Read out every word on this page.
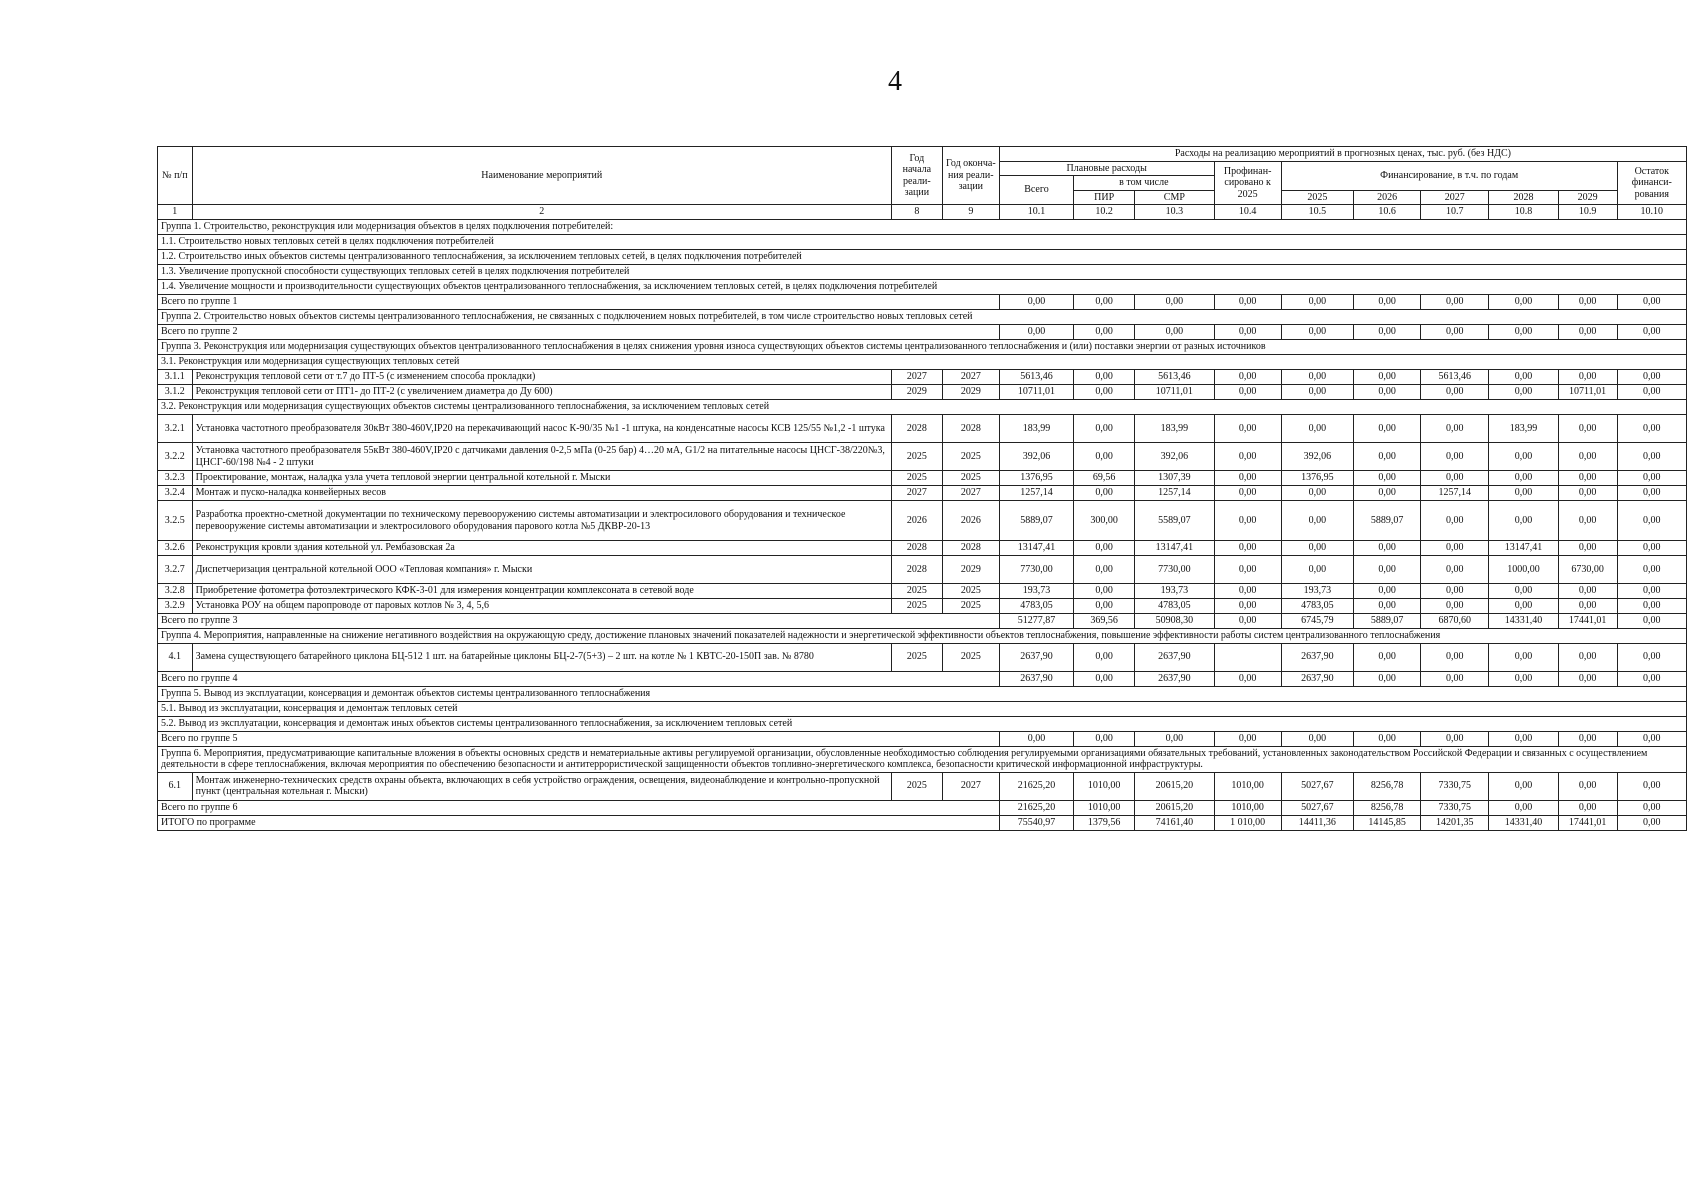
4
№ п/п	Наименование мероприятий	Год начала реали-зации	Год оконча-ния реали-зации	Расходы на реализацию мероприятий в прогнозных ценах, тыс. руб. (без НДС)									
				Плановые расходы			Профинан-сировано к 2025	Финансирование, в т.ч. по годам					Остаток финанси-рования
				Всего	в том числе								
					ПИР	СМР		2025	2026	2027	2028	2029	
1	2	8	9	10.1	10.2	10.3	10.4	10.5	10.6	10.7	10.8	10.9	10.10
Группа 1. Строительство, реконструкция или модернизация объектов в целях подключения потребителей:													
1.1. Строительство новых тепловых сетей в целях подключения потребителей													
1.2. Строительство иных объектов системы централизованного теплоснабжения, за исключением тепловых сетей, в целях подключения потребителей													
1.3. Увеличение пропускной способности существующих тепловых сетей в целях подключения потребителей													
1.4. Увеличение мощности и производительности существующих объектов централизованного теплоснабжения, за исключением тепловых сетей, в целях подключения потребителей													
Всего по группе 1				0,00	0,00	0,00	0,00	0,00	0,00	0,00	0,00	0,00	0,00
Группа 2. Строительство новых объектов системы централизованного теплоснабжения, не связанных с подключением новых потребителей, в том числе строительство новых тепловых сетей													
Всего по группе 2				0,00	0,00	0,00	0,00	0,00	0,00	0,00	0,00	0,00	0,00
Группа 3. Реконструкция или модернизация существующих объектов централизованного теплоснабжения в целях снижения уровня износа существующих объектов системы централизованного теплоснабжения и (или) поставки энергии от разных источников													
3.1. Реконструкция или модернизация существующих тепловых сетей													
3.1.1	Реконструкция тепловой сети от т.7 до ПТ-5 (с изменением способа прокладки)	2027	2027	5613,46	0,00	5613,46	0,00	0,00	0,00	5613,46	0,00	0,00	0,00
3.1.2	Реконструкция тепловой сети от ПТ1- до ПТ-2 (с увеличением диаметра до Ду 600)	2029	2029	10711,01	0,00	10711,01	0,00	0,00	0,00	0,00	0,00	10711,01	0,00
3.2. Реконструкция или модернизация существующих объектов системы централизованного теплоснабжения, за исключением тепловых сетей													
3.2.1	Установка частотного преобразователя 30кВт 380-460V,IP20 на перекачивающий насос К-90/35 №1 -1 штука, на конденсатные насосы КСВ 125/55 №1,2 -1 штука	2028	2028	183,99	0,00	183,99	0,00	0,00	0,00	0,00	183,99	0,00	0,00
3.2.2	Установка частотного преобразователя 55кВт 380-460V,IP20 с датчиками давления 0-2,5 мПа (0-25 бар) 4…20 мА, G1/2 на питательные насосы ЦНСГ-38/220№3, ЦНСГ-60/198 №4 - 2 штуки	2025	2025	392,06	0,00	392,06	0,00	392,06	0,00	0,00	0,00	0,00	0,00
3.2.3	Проектирование, монтаж, наладка узла учета тепловой энергии центральной котельной г. Мыски	2025	2025	1376,95	69,56	1307,39	0,00	1376,95	0,00	0,00	0,00	0,00	0,00
3.2.4	Монтаж и пуско-наладка конвейерных весов	2027	2027	1257,14	0,00	1257,14	0,00	0,00	0,00	1257,14	0,00	0,00	0,00
3.2.5	Разработка проектно-сметной документации по техническому перевооружению системы автоматизации и электросилового оборудования и техническое перевооружение системы автоматизации и электросилового оборудования парового котла №5 ДКВР-20-13	2026	2026	5889,07	300,00	5589,07	0,00	0,00	5889,07	0,00	0,00	0,00	0,00
3.2.6	Реконструкция кровли здания котельной ул. Рембазовская 2а	2028	2028	13147,41	0,00	13147,41	0,00	0,00	0,00	0,00	13147,41	0,00	0,00
3.2.7	Диспетчеризация центральной котельной ООО «Тепловая компания» г. Мыски	2028	2029	7730,00	0,00	7730,00	0,00	0,00	0,00	0,00	1000,00	6730,00	0,00
3.2.8	Приобретение фотометра фотоэлектрического КФК-3-01 для измерения концентрации комплексоната в сетевой воде	2025	2025	193,73	0,00	193,73	0,00	193,73	0,00	0,00	0,00	0,00	0,00
3.2.9	Установка РОУ на общем паропроводе от паровых котлов № 3, 4, 5,6	2025	2025	4783,05	0,00	4783,05	0,00	4783,05	0,00	0,00	0,00	0,00	0,00
Всего по группе 3				51277,87	369,56	50908,30	0,00	6745,79	5889,07	6870,60	14331,40	17441,01	0,00
Группа 4. Мероприятия, направленные на снижение негативного воздействия на окружающую среду, достижение плановых значений показателей надежности и энергетической эффективности объектов теплоснабжения, повышение эффективности работы систем централизованного теплоснабжения													
4.1	Замена существующего батарейного циклона БЦ-512 1 шт. на батарейные циклоны БЦ-2-7(5+3) – 2 шт. на котле № 1 КВТС-20-150П зав. № 8780	2025	2025	2637,90	0,00	2637,90		2637,90	0,00	0,00	0,00	0,00	0,00
Всего по группе 4				2637,90	0,00	2637,90	0,00	2637,90	0,00	0,00	0,00	0,00	0,00
Группа 5. Вывод из эксплуатации, консервация и демонтаж объектов системы централизованного теплоснабжения													
5.1. Вывод из эксплуатации, консервация и демонтаж тепловых сетей													
5.2. Вывод из эксплуатации, консервация и демонтаж иных объектов системы централизованного теплоснабжения, за исключением тепловых сетей													
Всего по группе 5				0,00	0,00	0,00	0,00	0,00	0,00	0,00	0,00	0,00	0,00
Группа 6. Мероприятия, предусматривающие капитальные вложения в объекты основных средств и нематериальные активы регулируемой организации, обусловленные необходимостью соблюдения регулируемыми организациями обязательных требований, установленных законодательством Российской Федерации и связанных с осуществлением деятельности в сфере теплоснабжения, включая мероприятия по обеспечению безопасности и антитеррористической защищенности объектов топливно-энергетического комплекса, безопасности критической информационной инфраструктуры.													
6.1	Монтаж инженерно-технических средств охраны объекта, включающих в себя устройство ограждения, освещения, видеонаблюдение и контрольно-пропускной пункт (центральная котельная г. Мыски)	2025	2027	21625,20	1010,00	20615,20	1010,00	5027,67	8256,78	7330,75	0,00	0,00	0,00
Всего по группе 6				21625,20	1010,00	20615,20	1010,00	5027,67	8256,78	7330,75	0,00	0,00	0,00
ИТОГО по программе				75540,97	1379,56	74161,40	1 010,00	14411,36	14145,85	14201,35	14331,40	17441,01	0,00
